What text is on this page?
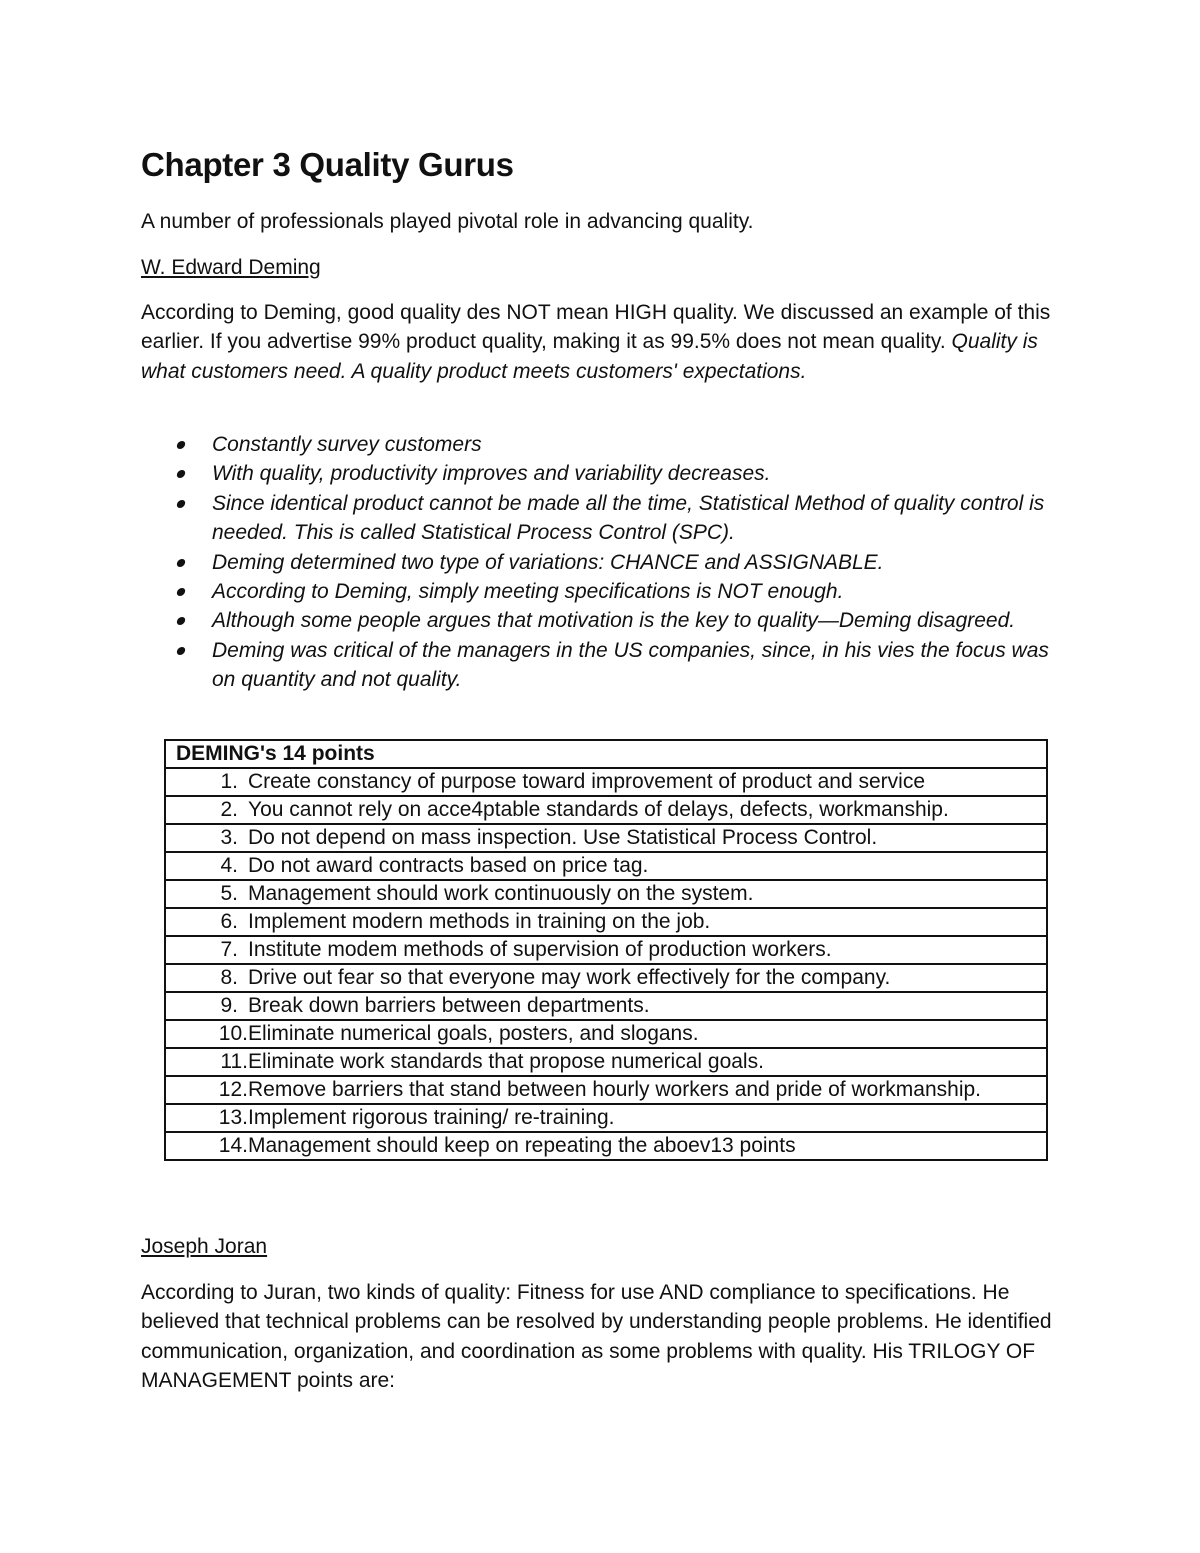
Chapter 3 Quality Gurus
A number of professionals played pivotal role in advancing quality.
W. Edward Deming
According to Deming, good quality des NOT mean HIGH quality. We discussed an example of this earlier. If you advertise 99% product quality, making it as 99.5% does not mean quality. Quality is what customers need. A quality product meets customers' expectations.
Constantly survey customers
With quality, productivity improves and variability decreases.
Since identical product cannot be made all the time, Statistical Method of quality control is needed. This is called Statistical Process Control (SPC).
Deming determined two type of variations: CHANCE and ASSIGNABLE.
According to Deming, simply meeting specifications is NOT enough.
Although some people argues that motivation is the key to quality—Deming disagreed.
Deming was critical of the managers in the US companies, since, in his vies the focus was on quantity and not quality.
DEMING's 14 points

1. Create constancy of purpose toward improvement of product and service

2. You cannot rely on acce4ptable standards of delays, defects, workmanship.

3. Do not depend on mass inspection. Use Statistical Process Control.

4. Do not award contracts based on price tag.

5. Management should work continuously on the system.

6. Implement modern methods in training on the job.

7. Institute modem methods of supervision of production workers.

8. Drive out fear so that everyone may work effectively for the company.

9. Break down barriers between departments.

10. Eliminate numerical goals, posters, and slogans.

11. Eliminate work standards that propose numerical goals.

12. Remove barriers that stand between hourly workers and pride of workmanship.

13. Implement rigorous training/ re-training.

14. Management should keep on repeating the aboev13 points
Joseph Joran
According to Juran, two kinds of quality: Fitness for use AND compliance to specifications. He believed that technical problems can be resolved by understanding people problems. He identified communication, organization, and coordination as some problems with quality. His TRILOGY OF MANAGEMENT points are:
